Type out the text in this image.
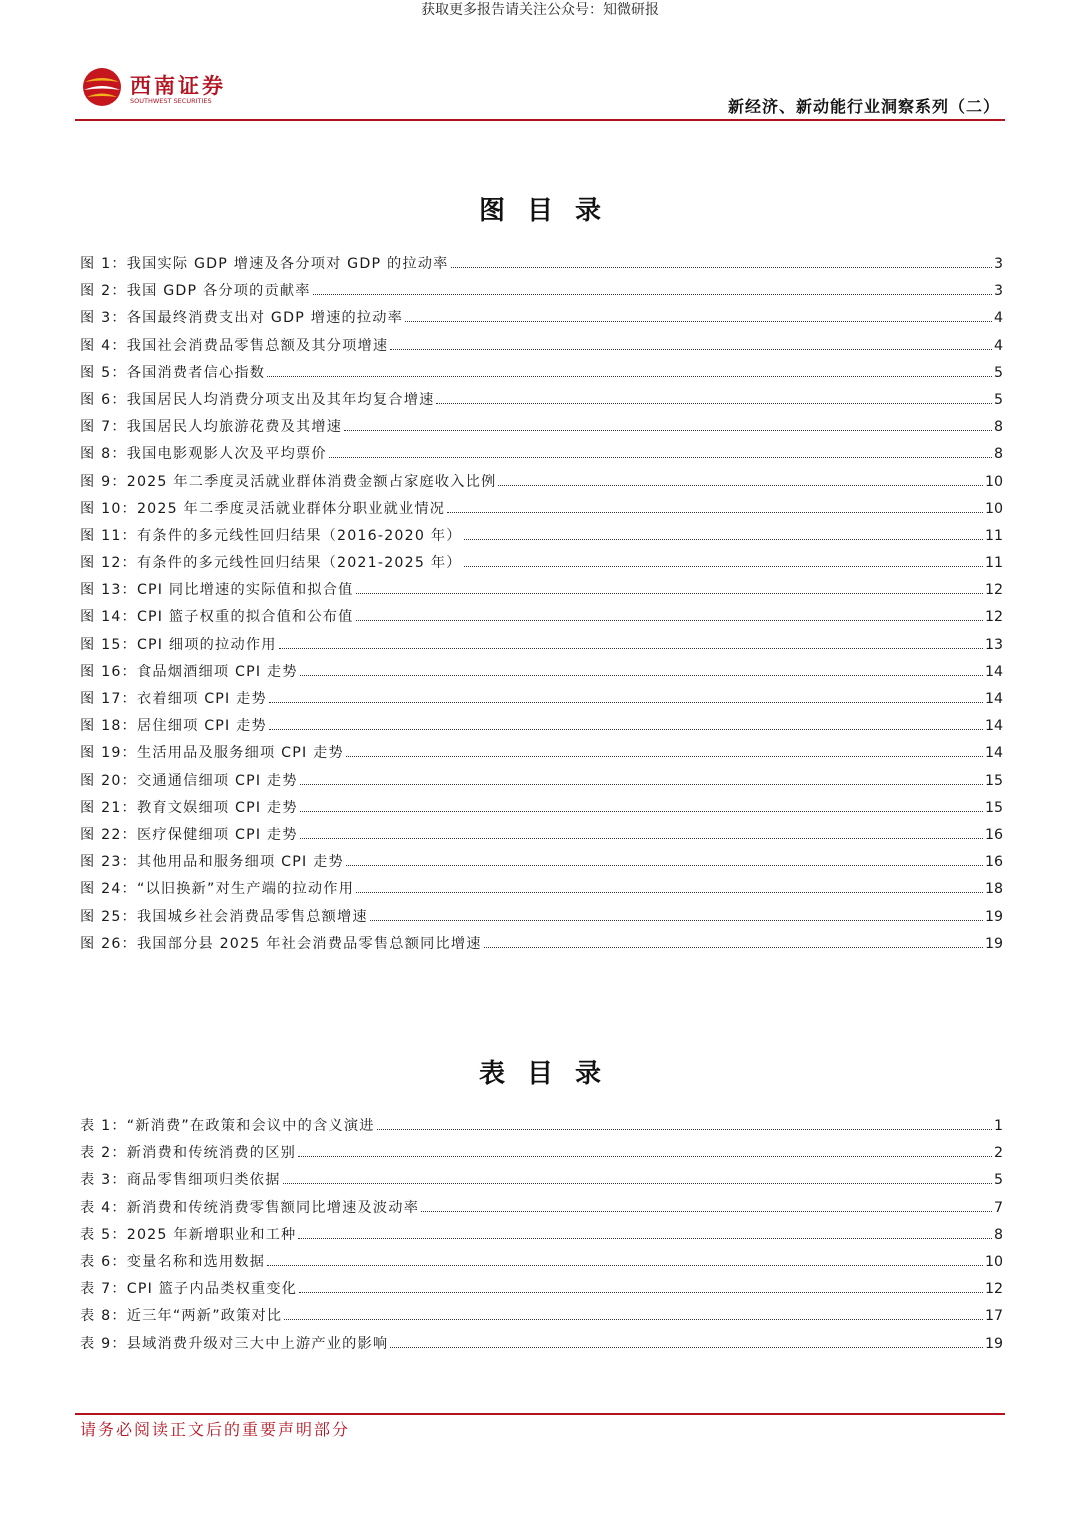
获取更多报告请关注公众号：知微研报
西南证券
SOUTHWEST SECURITIES	新经济、新动能行业洞察系列（二）
图目录
图 1：我国实际 GDP 增速及各分项对 GDP 的拉动率	3
图 2：我国 GDP 各分项的贡献率	3
图 3：各国最终消费支出对 GDP 增速的拉动率	4
图 4：我国社会消费品零售总额及其分项增速	4
图 5：各国消费者信心指数	5
图 6：我国居民人均消费分项支出及其年均复合增速	5
图 7：我国居民人均旅游花费及其增速	8
图 8：我国电影观影人次及平均票价	8
图 9：2025 年二季度灵活就业群体消费金额占家庭收入比例	10
图 10：2025 年二季度灵活就业群体分职业就业情况	10
图 11：有条件的多元线性回归结果（2016-2020 年）	11
图 12：有条件的多元线性回归结果（2021-2025 年）	11
图 13：CPI 同比增速的实际值和拟合值	12
图 14：CPI 篮子权重的拟合值和公布值	12
图 15：CPI 细项的拉动作用	13
图 16：食品烟酒细项 CPI 走势	14
图 17：衣着细项 CPI 走势	14
图 18：居住细项 CPI 走势	14
图 19：生活用品及服务细项 CPI 走势	14
图 20：交通通信细项 CPI 走势	15
图 21：教育文娱细项 CPI 走势	15
图 22：医疗保健细项 CPI 走势	16
图 23：其他用品和服务细项 CPI 走势	16
图 24：“以旧换新”对生产端的拉动作用	18
图 25：我国城乡社会消费品零售总额增速	19
图 26：我国部分县 2025 年社会消费品零售总额同比增速	19
表目录
表 1：“新消费”在政策和会议中的含义演进	1
表 2：新消费和传统消费的区别	2
表 3：商品零售细项归类依据	5
表 4：新消费和传统消费零售额同比增速及波动率	7
表 5：2025 年新增职业和工种	8
表 6：变量名称和选用数据	10
表 7：CPI 篮子内品类权重变化	12
表 8：近三年“两新”政策对比	17
表 9：县域消费升级对三大中上游产业的影响	19
请务必阅读正文后的重要声明部分
